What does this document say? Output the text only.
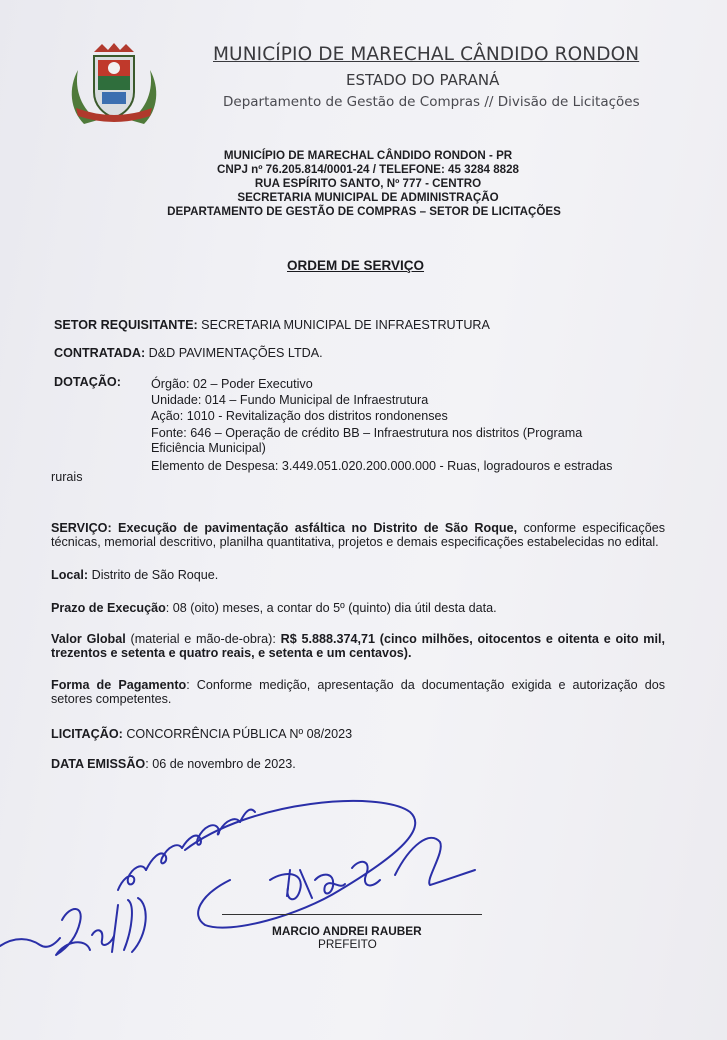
MUNICÍPIO DE MARECHAL CÂNDIDO RONDON
ESTADO DO PARANÁ
Departamento de Gestão de Compras // Divisão de Licitações
MUNICÍPIO DE MARECHAL CÂNDIDO RONDON - PR
CNPJ nº 76.205.814/0001-24 / TELEFONE: 45 3284 8828
RUA ESPÍRITO SANTO, Nº 777 - CENTRO
SECRETARIA MUNICIPAL DE ADMINISTRAÇÃO
DEPARTAMENTO DE GESTÃO DE COMPRAS – SETOR DE LICITAÇÕES
ORDEM DE SERVIÇO
SETOR REQUISITANTE: SECRETARIA MUNICIPAL DE INFRAESTRUTURA
CONTRATADA: D&D PAVIMENTAÇÕES LTDA.
DOTAÇÃO: Órgão: 02 – Poder Executivo
Unidade: 014 – Fundo Municipal de Infraestrutura
Ação: 1010 - Revitalização dos distritos rondonenses
Fonte: 646 – Operação de crédito BB – Infraestrutura nos distritos (Programa
Eficiência Municipal)
Elemento de Despesa: 3.449.051.020.200.000.000 - Ruas, logradouros e estradas
rurais
SERVIÇO: Execução de pavimentação asfáltica no Distrito de São Roque, conforme especificações técnicas, memorial descritivo, planilha quantitativa, projetos e demais especificações estabelecidas no edital.
Local: Distrito de São Roque.
Prazo de Execução: 08 (oito) meses, a contar do 5º (quinto) dia útil desta data.
Valor Global (material e mão-de-obra): R$ 5.888.374,71 (cinco milhões, oitocentos e oitenta e oito mil, trezentos e setenta e quatro reais, e setenta e um centavos).
Forma de Pagamento: Conforme medição, apresentação da documentação exigida e autorização dos setores competentes.
LICITAÇÃO: CONCORRÊNCIA PÚBLICA Nº 08/2023
DATA EMISSÃO: 06 de novembro de 2023.
MARCIO ANDREI RAUBER
PREFEITO
